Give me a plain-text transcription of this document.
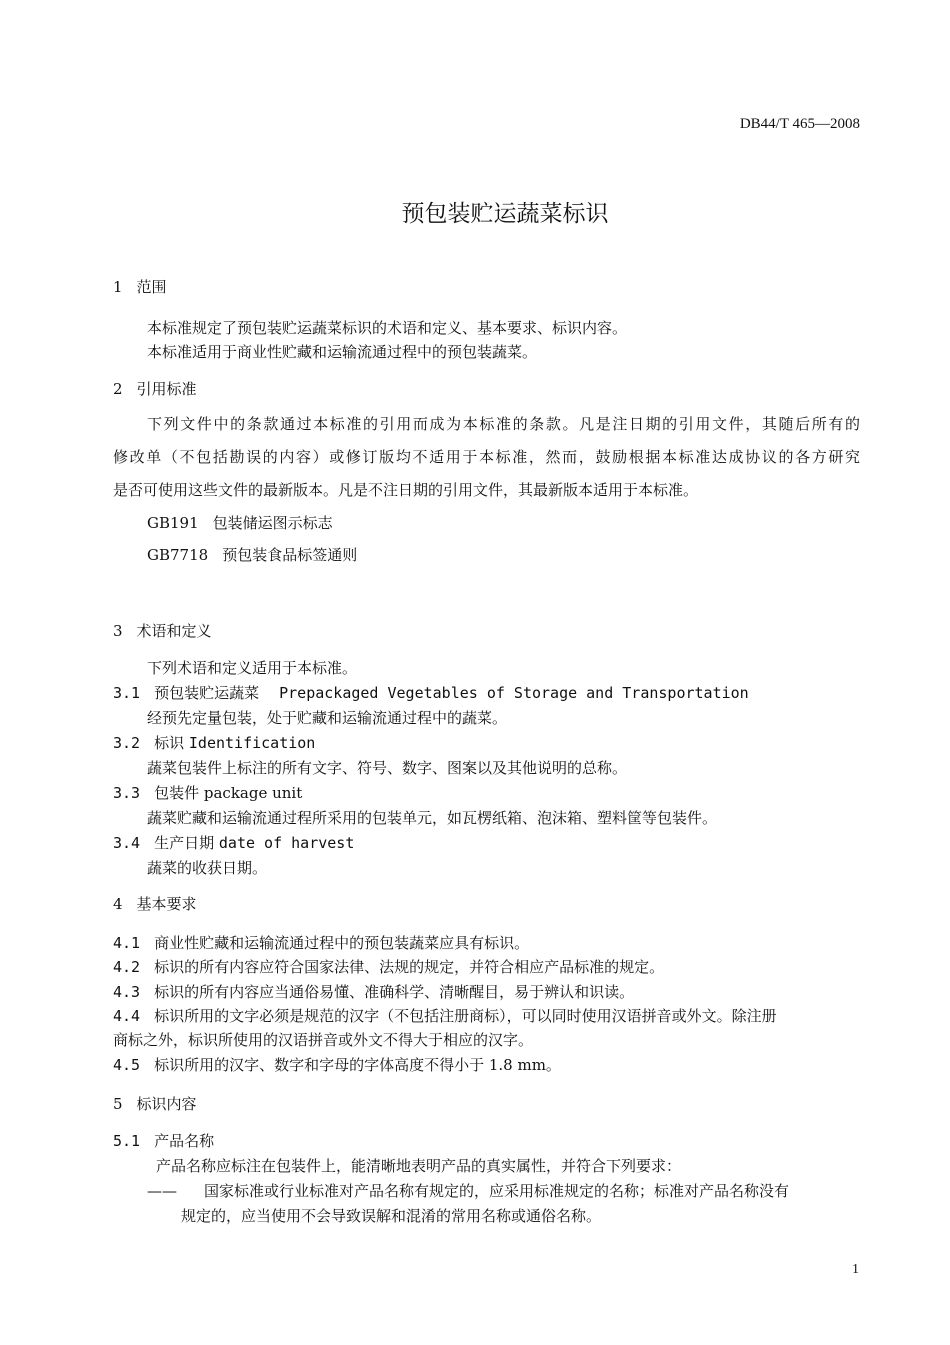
DB44/T 465—2008
预包装贮运蔬菜标识
1 范围
本标准规定了预包装贮运蔬菜标识的术语和定义、基本要求、标识内容。
本标准适用于商业性贮藏和运输流通过程中的预包装蔬菜。
2 引用标准
下列文件中的条款通过本标准的引用而成为本标准的条款。凡是注日期的引用文件，其随后所有的
修改单（不包括勘误的内容）或修订版均不适用于本标准，然而，鼓励根据本标准达成协议的各方研究
是否可使用这些文件的最新版本。凡是不注日期的引用文件，其最新版本适用于本标准。
GB191 包装储运图示标志
GB7718 预包装食品标签通则
3 术语和定义
下列术语和定义适用于本标准。
3.1 预包装贮运蔬菜 Prepackaged Vegetables of Storage and Transportation
经预先定量包装，处于贮藏和运输流通过程中的蔬菜。
3.2 标识 Identification
蔬菜包装件上标注的所有文字、符号、数字、图案以及其他说明的总称。
3.3 包装件 package unit
蔬菜贮藏和运输流通过程所采用的包装单元，如瓦楞纸箱、泡沫箱、塑料筐等包装件。
3.4 生产日期 date of harvest
蔬菜的收获日期。
4 基本要求
4.1 商业性贮藏和运输流通过程中的预包装蔬菜应具有标识。
4.2 标识的所有内容应符合国家法律、法规的规定，并符合相应产品标准的规定。
4.3 标识的所有内容应当通俗易懂、准确科学、清晰醒目，易于辨认和识读。
4.4 标识所用的文字必须是规范的汉字（不包括注册商标），可以同时使用汉语拼音或外文。除注册
商标之外，标识所使用的汉语拼音或外文不得大于相应的汉字。
4.5 标识所用的汉字、数字和字母的字体高度不得小于 1.8 mm。
5 标识内容
5.1 产品名称
产品名称应标注在包装件上，能清晰地表明产品的真实属性，并符合下列要求：
—— 国家标准或行业标准对产品名称有规定的，应采用标准规定的名称；标准对产品名称没有
规定的，应当使用不会导致误解和混淆的常用名称或通俗名称。
1
